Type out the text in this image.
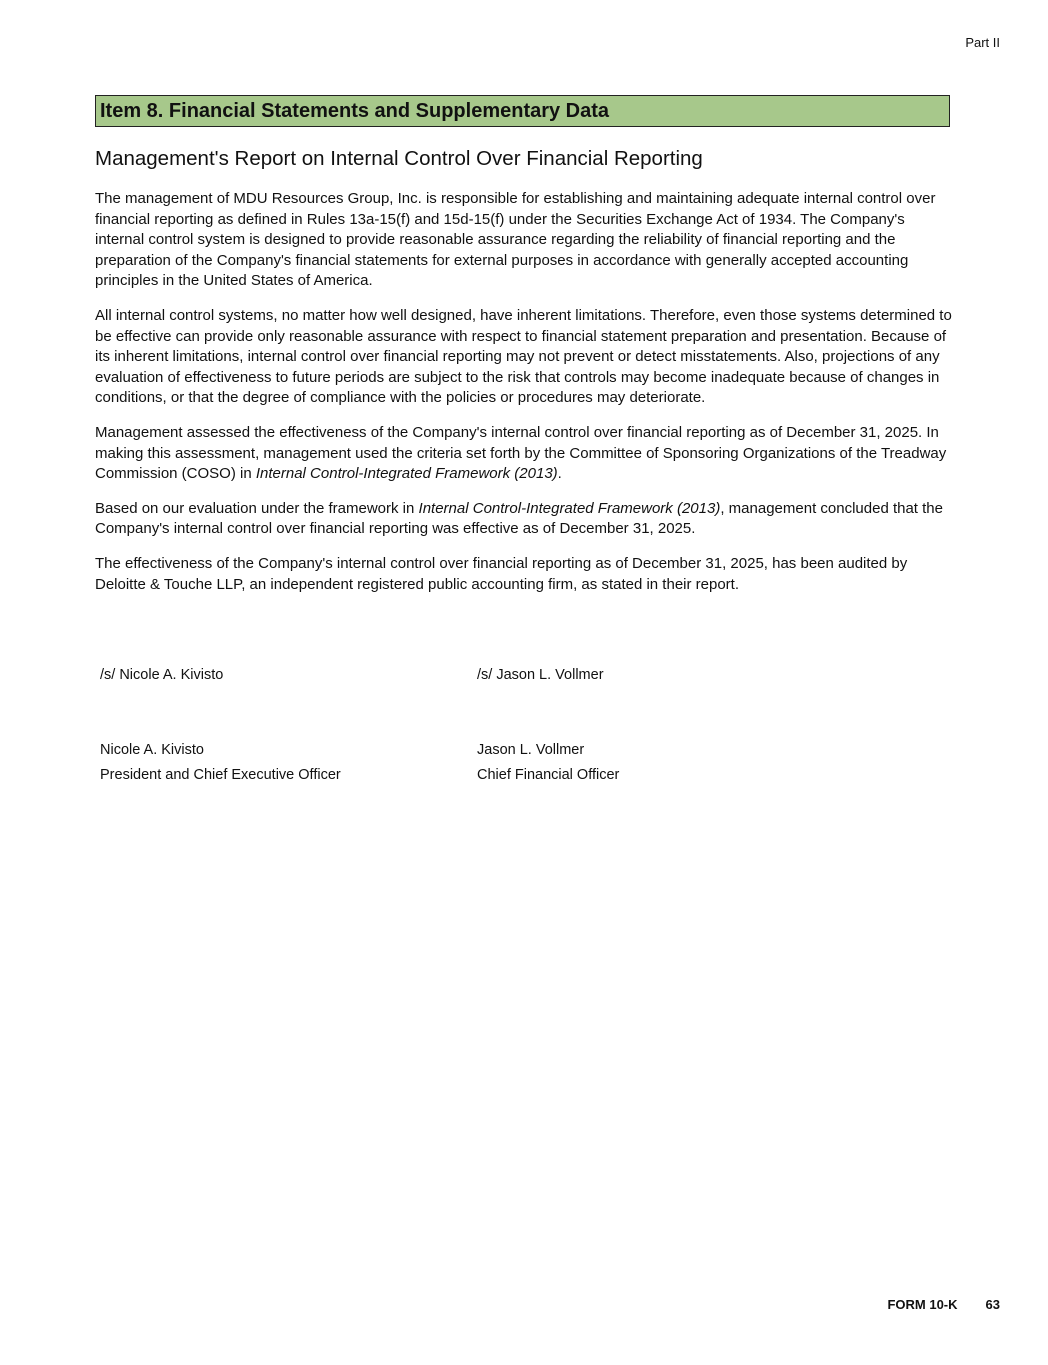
Part II
Item 8. Financial Statements and Supplementary Data
Management's Report on Internal Control Over Financial Reporting

The management of MDU Resources Group, Inc. is responsible for establishing and maintaining adequate internal control over financial reporting as defined in Rules 13a-15(f) and 15d-15(f) under the Securities Exchange Act of 1934. The Company's internal control system is designed to provide reasonable assurance regarding the reliability of financial reporting and the preparation of the Company's financial statements for external purposes in accordance with generally accepted accounting principles in the United States of America.

All internal control systems, no matter how well designed, have inherent limitations. Therefore, even those systems determined to be effective can provide only reasonable assurance with respect to financial statement preparation and presentation. Because of its inherent limitations, internal control over financial reporting may not prevent or detect misstatements. Also, projections of any evaluation of effectiveness to future periods are subject to the risk that controls may become inadequate because of changes in conditions, or that the degree of compliance with the policies or procedures may deteriorate.

Management assessed the effectiveness of the Company's internal control over financial reporting as of December 31, 2025. In making this assessment, management used the criteria set forth by the Committee of Sponsoring Organizations of the Treadway Commission (COSO) in Internal Control-Integrated Framework (2013).

Based on our evaluation under the framework in Internal Control-Integrated Framework (2013), management concluded that the Company's internal control over financial reporting was effective as of December 31, 2025.

The effectiveness of the Company's internal control over financial reporting as of December 31, 2025, has been audited by Deloitte & Touche LLP, an independent registered public accounting firm, as stated in their report.

/s/ Nicole A. Kivisto	/s/ Jason L. Vollmer
Nicole A. Kivisto	Jason L. Vollmer
President and Chief Executive Officer	Chief Financial Officer
FORM 10-K 63
